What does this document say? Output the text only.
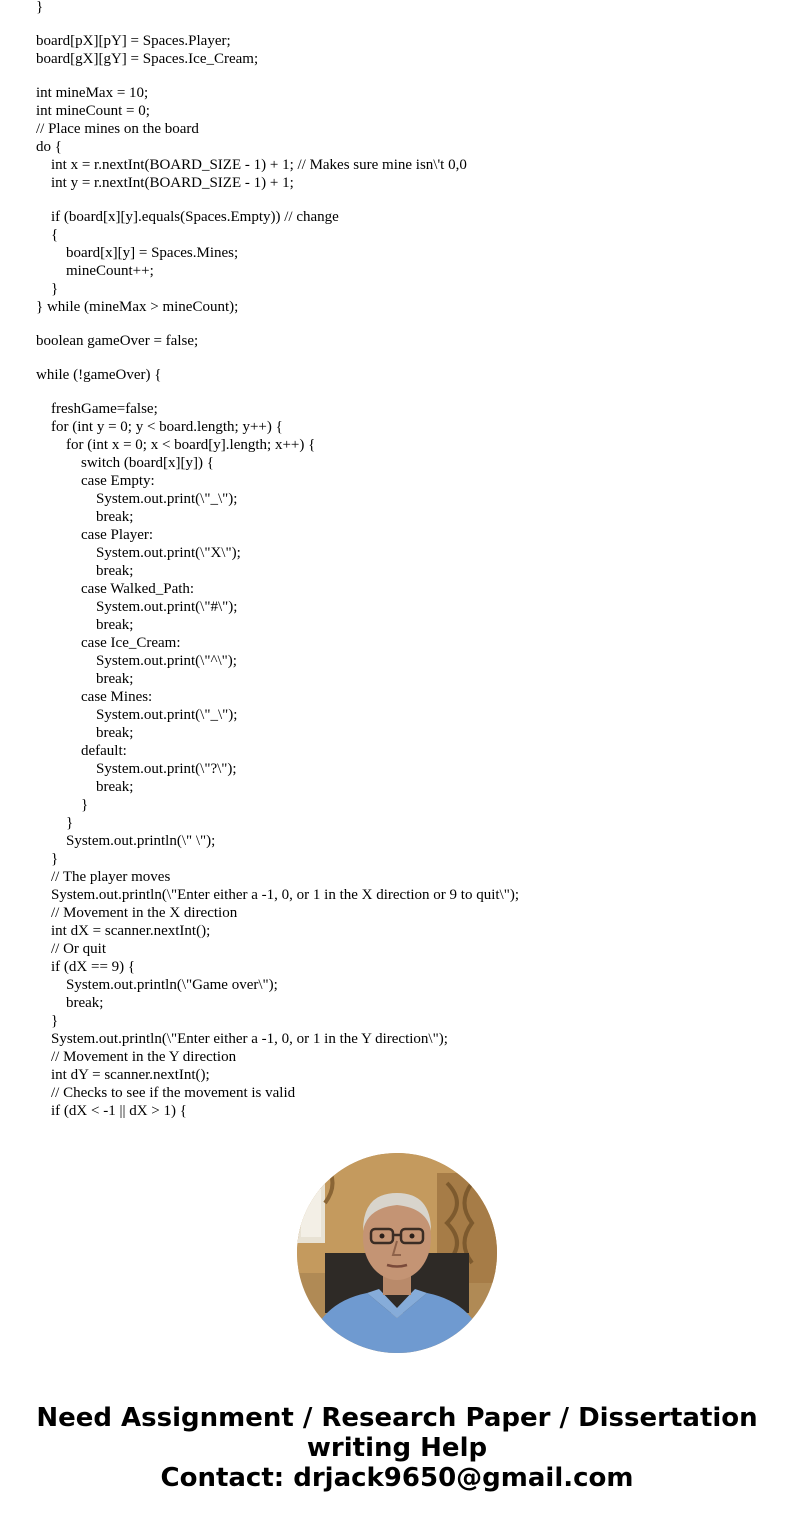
}
board[pX][pY] = Spaces.Player;
board[gX][gY] = Spaces.Ice_Cream;
int mineMax = 10;
int mineCount = 0;
// Place mines on the board
do {
int x = r.nextInt(BOARD_SIZE - 1) + 1; // Makes sure mine isn\'t 0,0
int y = r.nextInt(BOARD_SIZE - 1) + 1;
if (board[x][y].equals(Spaces.Empty)) // change
{
board[x][y] = Spaces.Mines;
mineCount++;
}
} while (mineMax > mineCount);
boolean gameOver = false;
while (!gameOver) {
freshGame=false;
for (int y = 0; y < board.length; y++) {
for (int x = 0; x < board[y].length; x++) {
switch (board[x][y]) {
case Empty:
System.out.print(\"_\");
break;
case Player:
System.out.print(\"X\");
break;
case Walked_Path:
System.out.print(\"#\");
break;
case Ice_Cream:
System.out.print(\"^\");
break;
case Mines:
System.out.print(\"_\");
break;
default:
System.out.print(\"?\");
break;
}
}
System.out.println(\" \");
}
// The player moves
System.out.println(\"Enter either a -1, 0, or 1 in the X direction or 9 to quit\");
// Movement in the X direction
int dX = scanner.nextInt();
// Or quit
if (dX == 9) {
System.out.println(\"Game over\");
break;
}
System.out.println(\"Enter either a -1, 0, or 1 in the Y direction\");
// Movement in the Y direction
int dY = scanner.nextInt();
// Checks to see if the movement is valid
if (dX < -1 || dX > 1) {
Need Assignment / Research Paper / Dissertation
writing Help
Contact: drjack9650@gmail.com
